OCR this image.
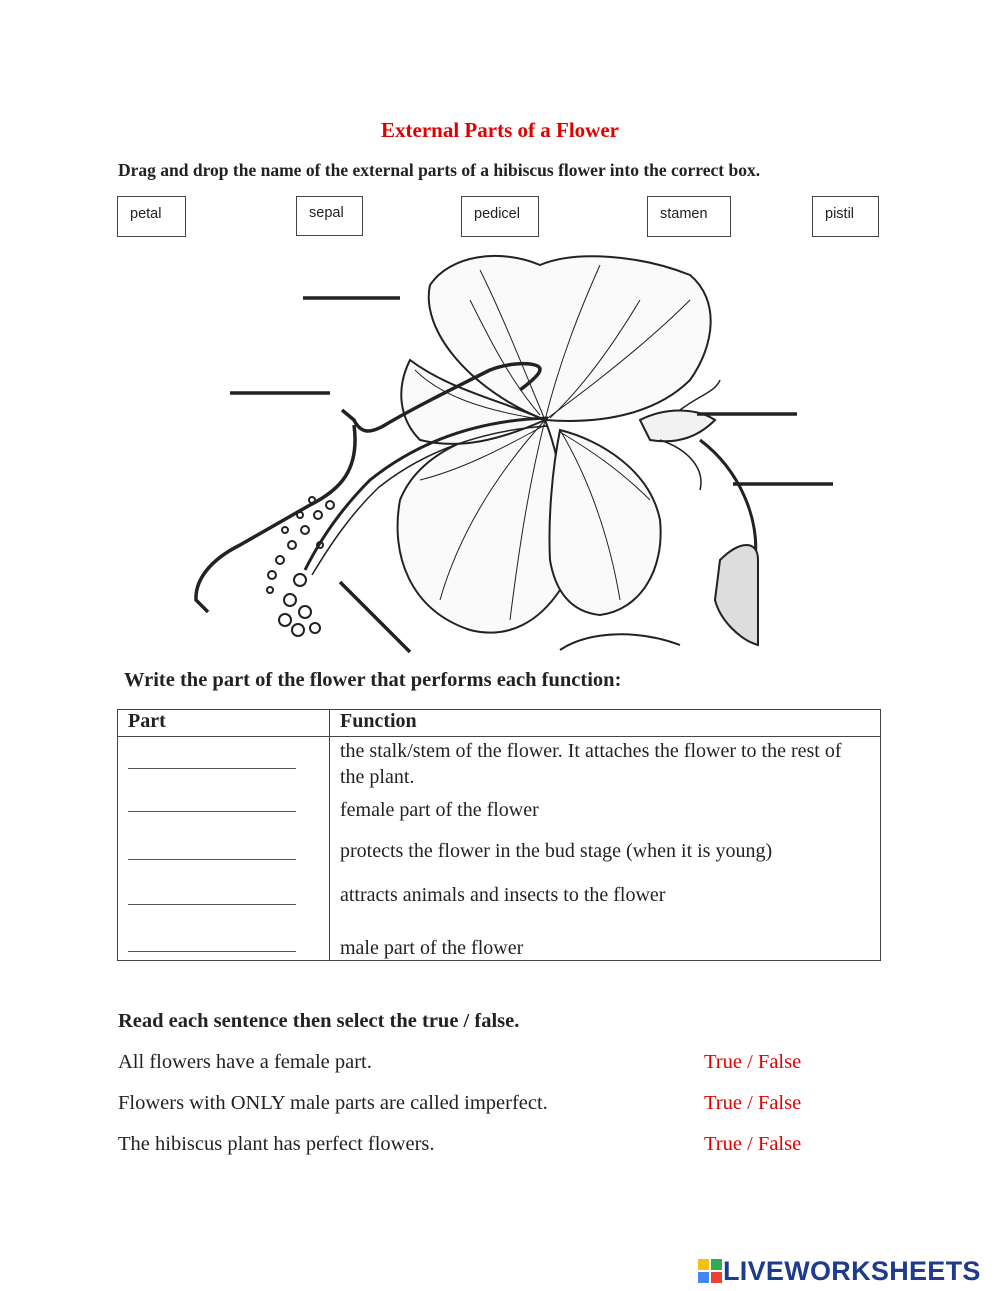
External Parts of a Flower
Drag and drop the name of the external parts of a hibiscus flower into the correct box.
petal	sepal	pedicel	stamen	pistil
Write the part of the flower that performs each function:
Part	Function

	the stalk/stem of the flower. It attaches the flower to the rest of the plant.
female part of the flower
protects the flower in the bud stage (when it is young)
attracts animals and insects to the flower
male part of the flower
Read each sentence then select the true / false.
All flowers have a female part.	True / False
Flowers with ONLY male parts are called imperfect.	True / False
The hibiscus plant has perfect flowers.	True / False
LIVEWORKSHEETS
